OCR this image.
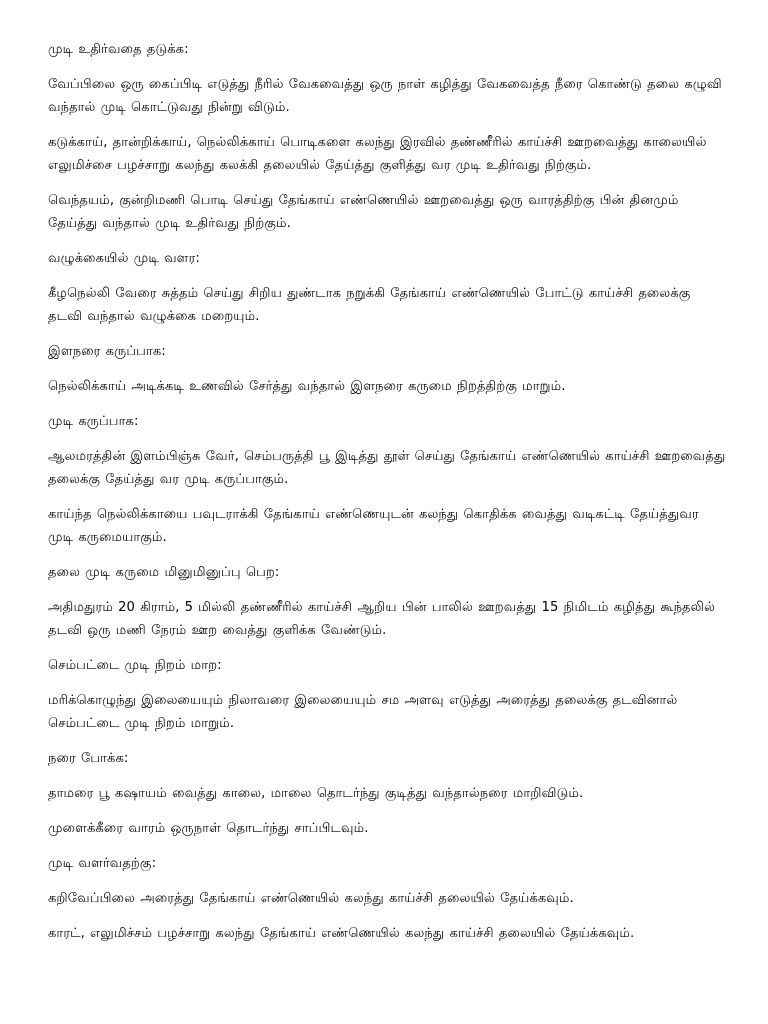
முடி உதிர்வதை தடுக்க:

வேப்பிலை ஒரு கைப்பிடி எடுத்து நீரில் வேகவைத்து ஒரு நாள் கழித்து வேகவைத்த நீரை கொண்டு தலை கழுவி வந்தால் முடி கொட்டுவது நின்று விடும்.

கடுக்காய், தான்றிக்காய், நெல்லிக்காய் பொடிகளை கலந்து இரவில் தண்ணீரில் காய்ச்சி ஊறவைத்து காலையில் எலுமிச்சை பழச்சாறு கலந்து கலக்கி தலையில் தேய்த்து குளித்து வர முடி உதிர்வது நிற்கும்.

வெந்தயம், குன்றிமணி பொடி செய்து தேங்காய் எண்ணெயில் ஊறவைத்து ஒரு வாரத்திற்கு பின் தினமும் தேய்த்து வந்தால் முடி உதிர்வது நிற்கும்.

வழுக்கையில் முடி வளர:

கீழநெல்லி வேரை சுத்தம் செய்து சிறிய துண்டாக நறுக்கி தேங்காய் எண்ணெயில் போட்டு காய்ச்சி தலைக்கு தடவி வந்தால் வழுக்கை மறையும்.

இளநரை கருப்பாக:

நெல்லிக்காய் அடிக்கடி உணவில் சேர்த்து வந்தால் இளநரை கருமை நிறத்திற்கு மாறும்.

முடி கருப்பாக:

ஆலமரத்தின் இளம்பிஞ்சு வேர், செம்பருத்தி பூ இடித்து தூள் செய்து தேங்காய் எண்ணெயில் காய்ச்சி ஊறவைத்து தலைக்கு தேய்த்து வர முடி கருப்பாகும்.

காய்ந்த நெல்லிக்காயை பவுடராக்கி தேங்காய் எண்ணெயுடன் கலந்து கொதிக்க வைத்து வடிகட்டி தேய்த்துவர முடி கருமையாகும்.

தலை முடி கருமை மினுமினுப்பு பெற:

அதிமதுரம் 20 கிராம், 5 மில்லி தண்ணீரில் காய்ச்சி ஆறிய பின் பாலில் ஊறவத்து 15 நிமிடம் கழித்து கூந்தலில் தடவி ஒரு மணி நேரம் ஊற வைத்து குளிக்க வேண்டும்.

செம்பட்டை முடி நிறம் மாற:

மரிக்கொழுந்து இலையையும் நிலாவரை இலையையும் சம அளவு எடுத்து அரைத்து தலைக்கு தடவினால் செம்பட்டை முடி நிறம் மாறும்.

நரை போக்க:

தாமரை பூ கஷாயம் வைத்து காலை, மாலை தொடர்ந்து குடித்து வந்தால்நரை மாறிவிடும்.

முளைக்கீரை வாரம் ஒருநாள் தொடர்ந்து சாப்பிடவும்.

முடி வளர்வதற்கு:

கறிவேப்பிலை அரைத்து தேங்காய் எண்ணெயில் கலந்து காய்ச்சி தலையில் தேய்க்கவும்.

காரட், எலுமிச்சம் பழச்சாறு கலந்து தேங்காய் எண்ணெயில் கலந்து காய்ச்சி தலையில் தேய்க்கவும்.
